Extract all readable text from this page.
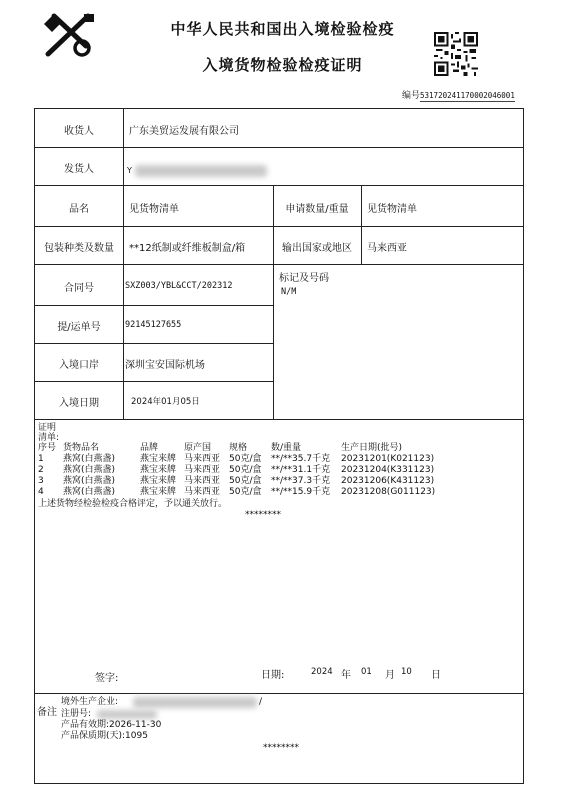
中华人民共和国出入境检验检疫
入境货物检验检疫证明
编号531720241170002046001
收货人	广东美贸运发展有限公司
发货人	Y
品名	见货物清单	申请数量/重量	见货物清单
包装种类及数量	**12纸制或纤维板制盒/箱	输出国家或地区	马来西亚
合同号	SXZ003/YBL&CCT/202312
标记及号码
N/M
提/运单号	92145127655
入境口岸	深圳宝安国际机场
入境日期	2024年01月05日
证明
清单:
序号 货物品名	品牌	原产国 规格	数/重量	生产日期(批号)
1 燕窝(白燕盏)	燕宝来牌 马来西亚 50克/盒 **/**35.7千克 20231201(K021123)
2 燕窝(白燕盏)	燕宝来牌 马来西亚 50克/盒 **/**31.1千克 20231204(K331123)
3 燕窝(白燕盏)	燕宝来牌 马来西亚 50克/盒 **/**37.3千克 20231206(K431123)
4 燕窝(白燕盏)	燕宝来牌 马来西亚 50克/盒 **/**15.9千克 20231208(G011123)
上述货物经检验检疫合格评定，予以通关放行。
********
签字:	日期:	2024 年 01 月 10 日
备注
境外生产企业:	/
注册号:
产品有效期:2026-11-30
产品保质期(天):1095
********
